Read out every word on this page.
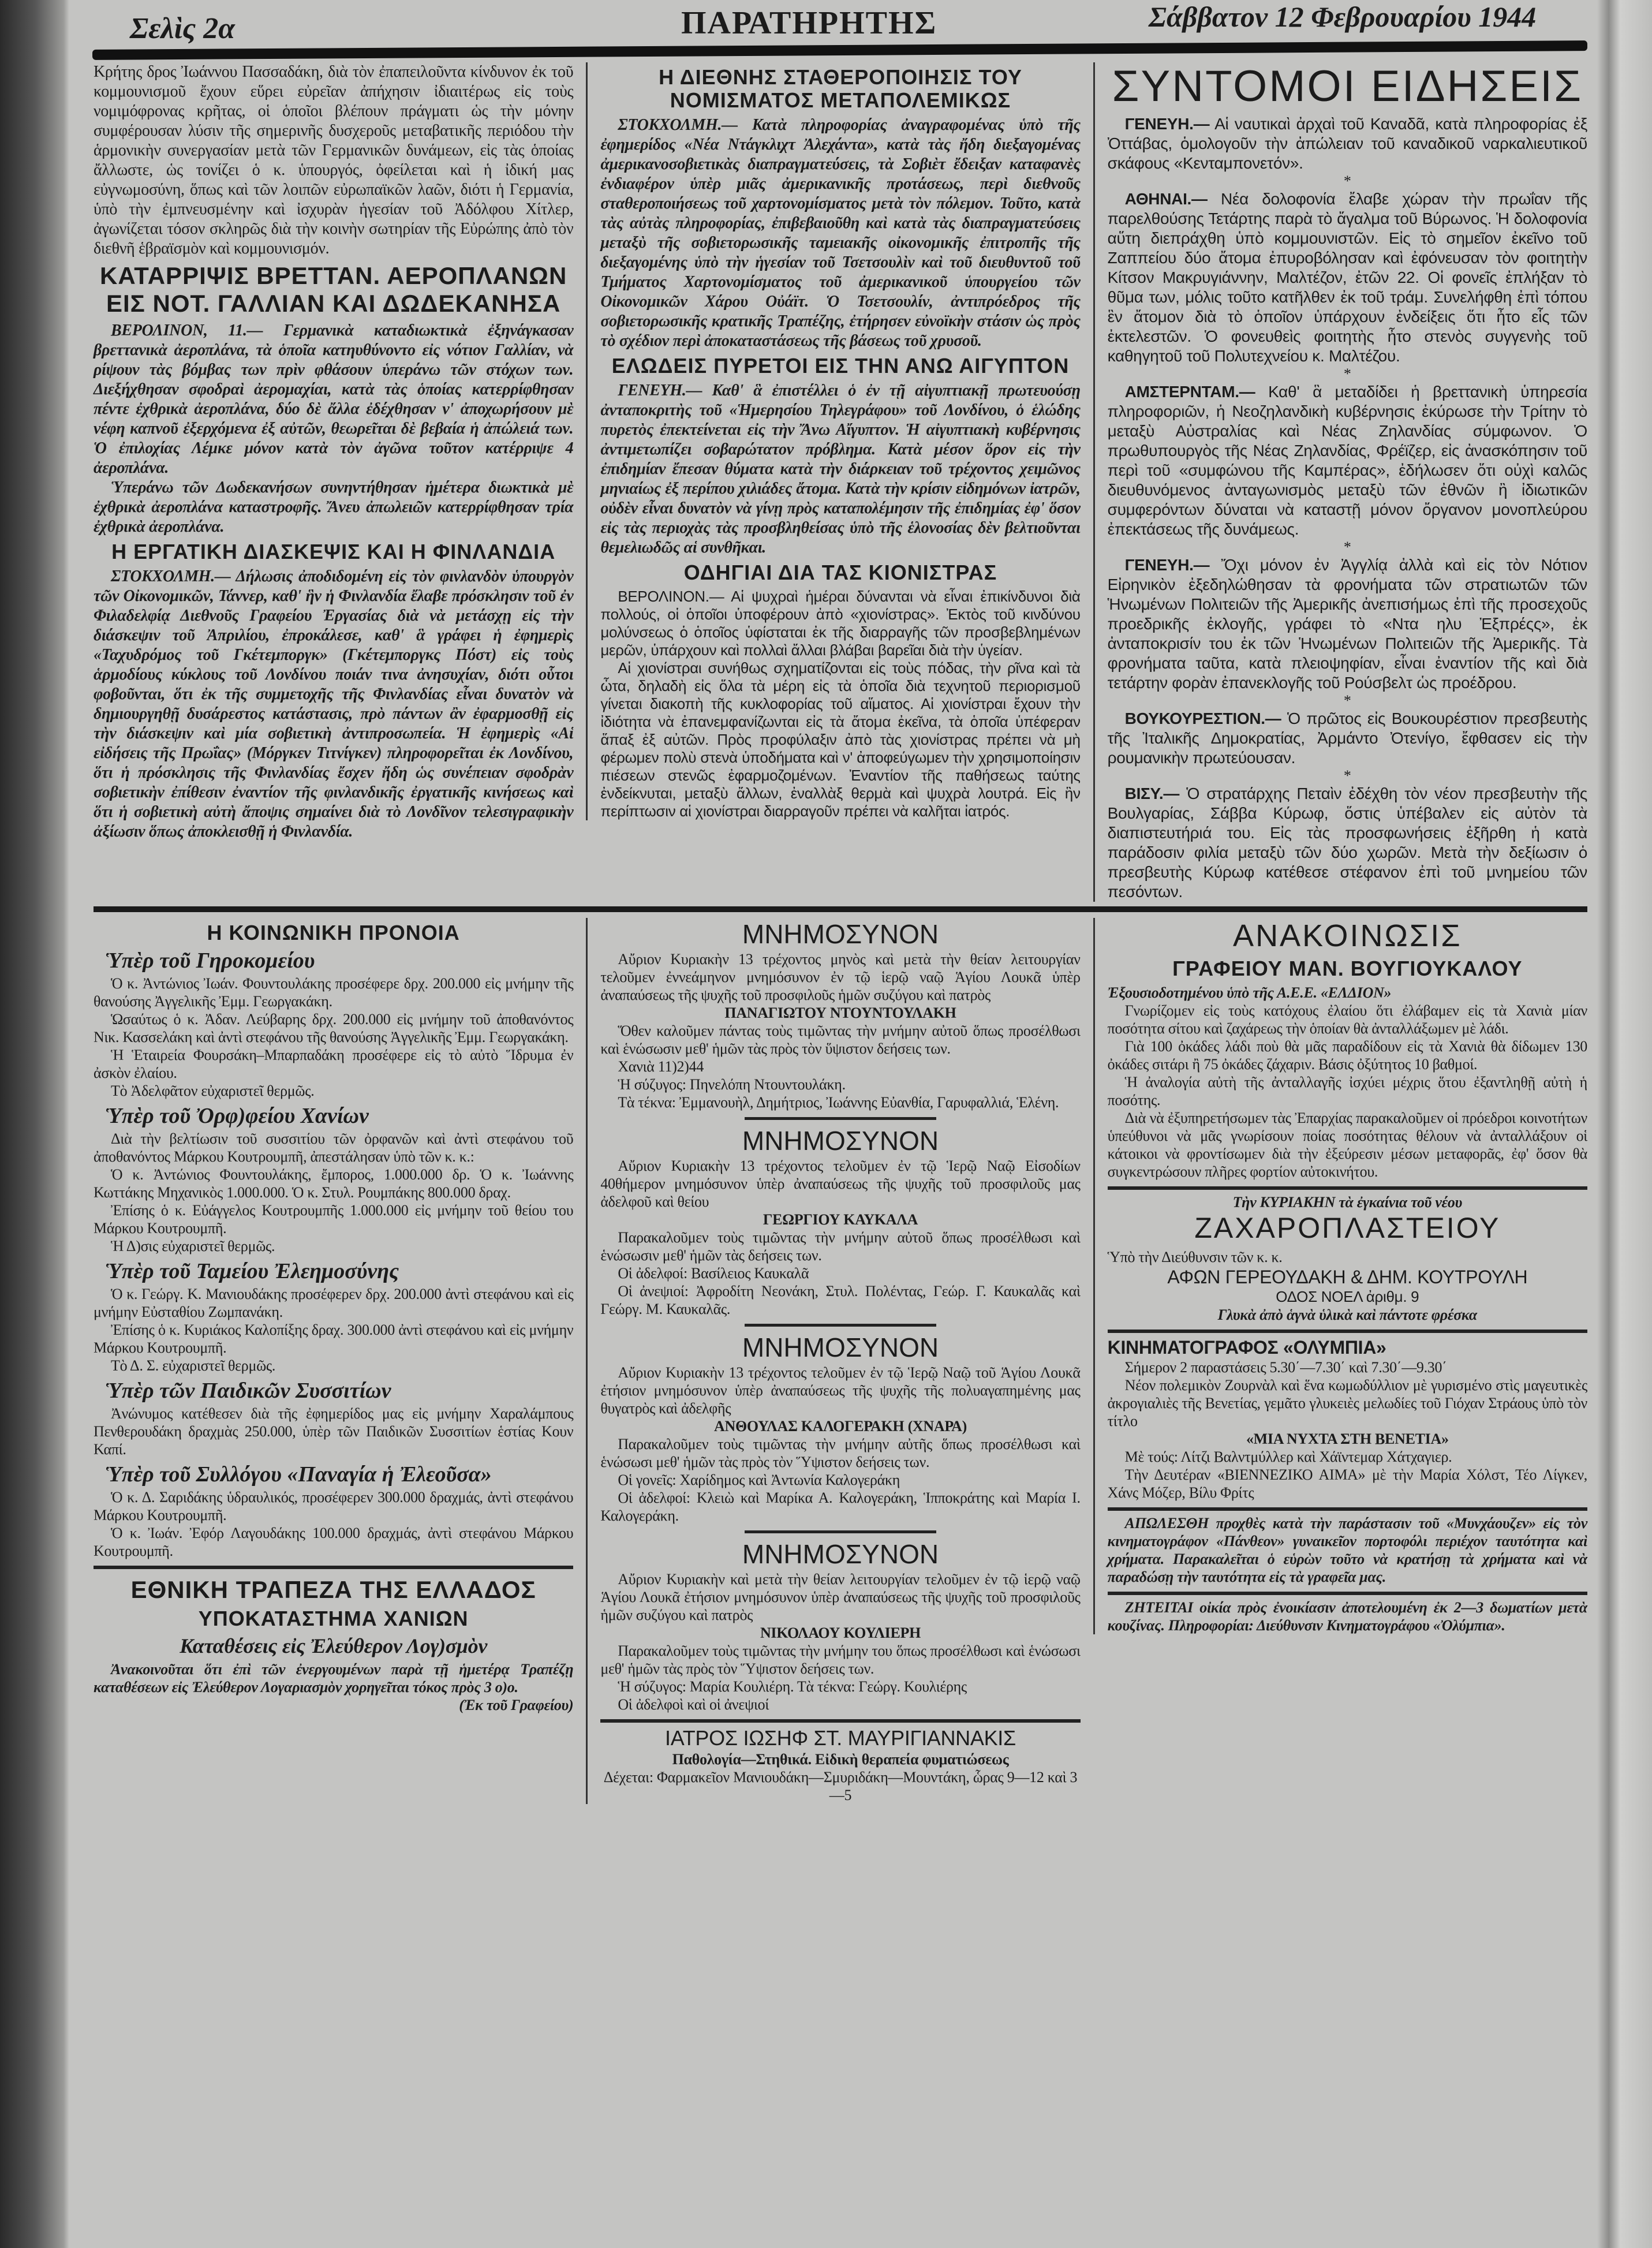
Σελὶς 2α	ΠΑΡΑΤΗΡΗΤΗΣ	Σάββατον 12 Φεβρουαρίου 1944

Κρήτης δρος Ἰωάννου Πασσαδάκη, διὰ τὸν ἐπαπειλοῦντα κίνδυνον ἐκ τοῦ κομμουνισμοῦ ἔχουν εὕρει εὐρεῖαν ἀπήχησιν ἰδιαιτέρως εἰς τοὺς νομιμόφρονας κρῆτας, οἱ ὁποῖοι βλέπουν πράγματι ὡς τὴν μόνην συμφέρουσαν λύσιν τῆς σημερινῆς δυσχεροῦς μεταβατικῆς περιόδου τὴν ἁρμονικὴν συνεργασίαν μετὰ τῶν Γερμανικῶν δυνάμεων, εἰς τὰς ὁποίας ἄλλωστε, ὡς τονίζει ὁ κ. ὑπουργός, ὀφείλεται καὶ ἡ ἰδική μας εὐγνωμοσύνη, ὅπως καὶ τῶν λοιπῶν εὐρωπαϊκῶν λαῶν, διότι ἡ Γερμανία, ὑπὸ τὴν ἐμπνευσμένην καὶ ἰσχυρὰν ἡγεσίαν τοῦ Ἀδόλφου Χίτλερ, ἀγωνίζεται τόσον σκληρῶς διὰ τὴν κοινὴν σωτηρίαν τῆς Εὐρώπης ἀπὸ τὸν διεθνῆ ἑβραϊσμὸν καὶ κομμουνισμόν.

ΚΑΤΑΡΡΙΨΙΣ ΒΡΕΤΤΑΝ. ΑΕΡΟΠΛΑΝΩΝ ΕΙΣ ΝΟΤ. ΓΑΛΛΙΑΝ ΚΑΙ ΔΩΔΕΚΑΝΗΣΑ

ΒΕΡΟΛΙΝΟΝ, 11.— Γερμανικὰ καταδιωκτικὰ ἐξηνάγκασαν βρεττανικὰ ἀεροπλάνα, τὰ ὁποῖα κατηυθύνοντο εἰς νότιον Γαλλίαν, νὰ ρίψουν τὰς βόμβας των πρὶν φθάσουν ὑπεράνω τῶν στόχων των. Διεξήχθησαν σφοδραὶ ἀερομαχίαι, κατὰ τὰς ὁποίας κατερρίφθησαν πέντε ἐχθρικὰ ἀεροπλάνα, δύο δὲ ἄλλα ἐδέχθησαν ν' ἀποχωρήσουν μὲ νέφη καπνοῦ ἐξερχόμενα ἐξ αὐτῶν, θεωρεῖται δὲ βεβαία ἡ ἀπώλειά των. Ὁ ἐπιλοχίας Λέμκε μόνον κατὰ τὸν ἀγῶνα τοῦτον κατέρριψε 4 ἀεροπλάνα.

Ὑπεράνω τῶν Δωδεκανήσων συνηντήθησαν ἡμέτερα διωκτικὰ μὲ ἐχθρικὰ ἀεροπλάνα καταστροφῆς. Ἄνευ ἀπωλειῶν κατερρίφθησαν τρία ἐχθρικὰ ἀεροπλάνα.

Η ΕΡΓΑΤΙΚΗ ΔΙΑΣΚΕΨΙΣ ΚΑΙ Η ΦΙΝΛΑΝΔΙΑ

ΣΤΟΚΧΟΛΜΗ.— Δήλωσις ἀποδιδομένη εἰς τὸν φινλανδὸν ὑπουργὸν τῶν Οἰκονομικῶν, Τάννερ, καθ' ἣν ἡ Φινλανδία ἔλαβε πρόσκλησιν τοῦ ἐν Φιλαδελφίᾳ Διεθνοῦς Γραφείου Ἐργασίας διὰ νὰ μετάσχῃ εἰς τὴν διάσκεψιν τοῦ Ἀπριλίου, ἐπροκάλεσε, καθ' ἃ γράφει ἡ ἐφημερὶς «Ταχυδρόμος τοῦ Γκέτεμποργκ» (Γκέτεμποργκς Πόστ) εἰς τοὺς ἁρμοδίους κύκλους τοῦ Λονδίνου ποιάν τινα ἀνησυχίαν, διότι οὗτοι φοβοῦνται, ὅτι ἐκ τῆς συμμετοχῆς τῆς Φινλανδίας εἶναι δυνατὸν νὰ δημιουργηθῇ δυσάρεστος κατάστασις, πρὸ πάντων ἂν ἐφαρμοσθῇ εἰς τὴν διάσκεψιν καὶ μία σοβιετικὴ ἀντιπροσωπεία. Ἡ ἐφημερὶς «Αἱ εἰδήσεις τῆς Πρωΐας» (Μόργκεν Τιτνίγκεν) πληροφορεῖται ἐκ Λονδίνου, ὅτι ἡ πρόσκλησις τῆς Φινλανδίας ἔσχεν ἤδη ὡς συνέπειαν σφοδρὰν σοβιετικὴν ἐπίθεσιν ἐναντίον τῆς φινλανδικῆς ἐργατικῆς κινήσεως καὶ ὅτι ἡ σοβιετικὴ αὐτὴ ἄποψις σημαίνει διὰ τὸ Λονδῖνον τελεσιγραφικὴν ἀξίωσιν ὅπως ἀποκλεισθῇ ἡ Φινλανδία.

Η ΔΙΕΘΝΗΣ ΣΤΑΘΕΡΟΠΟΙΗΣΙΣ ΤΟΥ ΝΟΜΙΣΜΑΤΟΣ ΜΕΤΑΠΟΛΕΜΙΚΩΣ

ΣΤΟΚΧΟΛΜΗ.— Κατὰ πληροφορίας ἀναγραφομένας ὑπὸ τῆς ἐφημερίδος «Νέα Ντάγκλιχτ Ἀλεχάντα», κατὰ τὰς ἤδη διεξαγομένας ἀμερικανοσοβιετικὰς διαπραγματεύσεις, τὰ Σοβιὲτ ἔδειξαν καταφανὲς ἐνδιαφέρον ὑπὲρ μιᾶς ἀμερικανικῆς προτάσεως, περὶ διεθνοῦς σταθεροποιήσεως τοῦ χαρτονομίσματος μετὰ τὸν πόλεμον. Τοῦτο, κατὰ τὰς αὐτὰς πληροφορίας, ἐπιβεβαιοῦθη καὶ κατὰ τὰς διαπραγματεύσεις μεταξὺ τῆς σοβιετορωσικῆς ταμειακῆς οἰκονομικῆς ἐπιτροπῆς τῆς διεξαγομένης ὑπὸ τὴν ἡγεσίαν τοῦ Τσετσουλὶν καὶ τοῦ διευθυντοῦ τοῦ Τμήματος Χαρτονομίσματος τοῦ ἀμερικανικοῦ ὑπουργείου τῶν Οἰκονομικῶν Χάρου Οὐάϊτ. Ὁ Τσετσουλίν, ἀντιπρόεδρος τῆς σοβιετορωσικῆς κρατικῆς Τραπέζης, ἐτήρησεν εὐνοϊκὴν στάσιν ὡς πρὸς τὸ σχέδιον περὶ ἀποκαταστάσεως τῆς βάσεως τοῦ χρυσοῦ.

ΕΛΩΔΕΙΣ ΠΥΡΕΤΟΙ ΕΙΣ ΤΗΝ ΑΝΩ ΑΙΓΥΠΤΟΝ

ΓΕΝΕΥΗ.— Καθ' ἃ ἐπιστέλλει ὁ ἐν τῇ αἰγυπτιακῇ πρωτευούσῃ ἀνταποκριτὴς τοῦ «Ἡμερησίου Τηλεγράφου» τοῦ Λονδίνου, ὁ ἑλώδης πυρετὸς ἐπεκτείνεται εἰς τὴν Ἄνω Αἴγυπτον. Ἡ αἰγυπτιακὴ κυβέρνησις ἀντιμετωπίζει σοβαρώτατον πρόβλημα. Κατὰ μέσον ὅρον εἰς τὴν ἐπιδημίαν ἔπεσαν θύματα κατὰ τὴν διάρκειαν τοῦ τρέχοντος χειμῶνος μηνιαίως ἐξ περίπου χιλιάδες ἄτομα. Κατὰ τὴν κρίσιν εἰδημόνων ἰατρῶν, οὐδὲν εἶναι δυνατὸν νὰ γίνῃ πρὸς καταπολέμησιν τῆς ἐπιδημίας ἐφ' ὅσον εἰς τὰς περιοχὰς τὰς προσβληθείσας ὑπὸ τῆς ἑλονοσίας δὲν βελτιοῦνται θεμελιωδῶς αἱ συνθῆκαι.

ΟΔΗΓΙΑΙ ΔΙΑ ΤΑΣ ΚΙΟΝΙΣΤΡΑΣ

ΒΕΡΟΛΙΝΟΝ.— Αἱ ψυχραὶ ἡμέραι δύνανται νὰ εἶναι ἐπικίνδυνοι διὰ πολλούς, οἱ ὁποῖοι ὑποφέρουν ἀπὸ «χιονίστρας». Ἐκτὸς τοῦ κινδύνου μολύνσεως ὁ ὁποῖος ὑφίσταται ἐκ τῆς διαρραγῆς τῶν προσβεβλημένων μερῶν, ὑπάρχουν καὶ πολλαὶ ἄλλαι βλάβαι βαρεῖαι διὰ τὴν ὑγείαν.

Αἱ χιονίστραι συνήθως σχηματίζονται εἰς τοὺς πόδας, τὴν ρῖνα καὶ τὰ ὦτα, δηλαδὴ εἰς ὅλα τὰ μέρη εἰς τὰ ὁποῖα διὰ τεχνητοῦ περιορισμοῦ γίνεται διακοπὴ τῆς κυκλοφορίας τοῦ αἵματος. Αἱ χιονίστραι ἔχουν τὴν ἰδιότητα νὰ ἐπανεμφανίζωνται εἰς τὰ ἄτομα ἐκεῖνα, τὰ ὁποῖα ὑπέφεραν ἅπαξ ἐξ αὐτῶν. Πρὸς προφύλαξιν ἀπὸ τὰς χιονίστρας πρέπει νὰ μὴ φέρωμεν πολὺ στενὰ ὑποδήματα καὶ ν' ἀποφεύγωμεν τὴν χρησιμοποίησιν πιέσεων στενῶς ἐφαρμοζομένων. Ἐναντίον τῆς παθήσεως ταύτης ἐνδείκνυται, μεταξὺ ἄλλων, ἐναλλὰξ θερμὰ καὶ ψυχρὰ λουτρά. Εἰς ἣν περίπτωσιν αἱ χιονίστραι διαρραγοῦν πρέπει νὰ καλῆται ἰατρός.

ΣΥΝΤΟΜΟΙ ΕΙΔΗΣΕΙΣ

ΓΕΝΕΥΗ.— Αἱ ναυτικαὶ ἀρχαὶ τοῦ Καναδᾶ, κατὰ πληροφορίας ἐξ Ὀττάβας, ὁμολογοῦν τὴν ἀπώλειαν τοῦ καναδικοῦ ναρκαλιευτικοῦ σκάφους «Κενταμπονετόν».

*

ΑΘΗΝΑΙ.— Νέα δολοφονία ἔλαβε χώραν τὴν πρωΐαν τῆς παρελθούσης Τετάρτης παρὰ τὸ ἄγαλμα τοῦ Βύρωνος. Ἡ δολοφονία αὕτη διεπράχθη ὑπὸ κομμουνιστῶν. Εἰς τὸ σημεῖον ἐκεῖνο τοῦ Ζαππείου δύο ἄτομα ἐπυροβόλησαν καὶ ἐφόνευσαν τὸν φοιτητὴν Κίτσον Μακρυγιάννην, Μαλτέζον, ἐτῶν 22. Οἱ φονεῖς ἐπλήξαν τὸ θῦμα των, μόλις τοῦτο κατῆλθεν ἐκ τοῦ τράμ. Συνελήφθη ἐπὶ τόπου ἓν ἄτομον διὰ τὸ ὁποῖον ὑπάρχουν ἐνδείξεις ὅτι ἦτο εἷς τῶν ἐκτελεστῶν. Ὁ φονευθεὶς φοιτητὴς ἦτο στενὸς συγγενὴς τοῦ καθηγητοῦ τοῦ Πολυτεχνείου κ. Μαλτέζου.

*

ΑΜΣΤΕΡΝΤΑΜ.— Καθ' ἃ μεταδίδει ἡ βρεττανικὴ ὑπηρεσία πληροφοριῶν, ἡ Νεοζηλανδικὴ κυβέρνησις ἐκύρωσε τὴν Τρίτην τὸ μεταξὺ Αὐστραλίας καὶ Νέας Ζηλανδίας σύμφωνον. Ὁ πρωθυπουργὸς τῆς Νέας Ζηλανδίας, Φρέϊζερ, εἰς ἀνασκόπησιν τοῦ περὶ τοῦ «συμφώνου τῆς Καμπέρας», ἐδήλωσεν ὅτι οὐχὶ καλῶς διευθυνόμενος ἀνταγωνισμὸς μεταξὺ τῶν ἐθνῶν ἢ ἰδιωτικῶν συμφερόντων δύναται νὰ καταστῇ μόνον ὄργανον μονοπλεύρου ἐπεκτάσεως τῆς δυνάμεως.

*

ΓΕΝΕΥΗ.— Ὄχι μόνον ἐν Ἀγγλίᾳ ἀλλὰ καὶ εἰς τὸν Νότιον Εἰρηνικὸν ἐξεδηλώθησαν τὰ φρονήματα τῶν στρατιωτῶν τῶν Ἡνωμένων Πολιτειῶν τῆς Ἀμερικῆς ἀνεπισήμως ἐπὶ τῆς προσεχοῦς προεδρικῆς ἐκλογῆς, γράφει τὸ «Ντα ηλυ Ἐξπρέςς», ἐκ ἀνταποκρισίν του ἐκ τῶν Ἡνωμένων Πολιτειῶν τῆς Ἀμερικῆς. Τὰ φρονήματα ταῦτα, κατὰ πλειοψηφίαν, εἶναι ἐναντίον τῆς καὶ διὰ τετάρτην φορὰν ἐπανεκλογῆς τοῦ Ρούσβελτ ὡς προέδρου.

*

ΒΟΥΚΟΥΡΕΣΤΙΟΝ.— Ὁ πρῶτος εἰς Βουκουρέστιον πρεσβευτὴς τῆς Ἰταλικῆς Δημοκρατίας, Ἀρμάντο Ὀτενίγο, ἔφθασεν εἰς τὴν ρουμανικὴν πρωτεύουσαν.

*

ΒΙΣΥ.— Ὁ στρατάρχης Πεταὶν ἐδέχθη τὸν νέον πρεσβευτὴν τῆς Βουλγαρίας, Σάββα Κύρωφ, ὅστις ὑπέβαλεν εἰς αὐτὸν τὰ διαπιστευτήριά του. Εἰς τὰς προσφωνήσεις ἐξῆρθη ἡ κατὰ παράδοσιν φιλία μεταξὺ τῶν δύο χωρῶν. Μετὰ τὴν δεξίωσιν ὁ πρεσβευτὴς Κύρωφ κατέθεσε στέφανον ἐπὶ τοῦ μνημείου τῶν πεσόντων.

Η ΚΟΙΝΩΝΙΚΗ ΠΡΟΝΟΙΑ

Ὑπὲρ τοῦ Γηροκομείου

Ὁ κ. Ἀντώνιος Ἰωάν. Φουντουλάκης προσέφερε δρχ. 200.000 εἰς μνήμην τῆς θανούσης Ἀγγελικῆς Ἐμμ. Γεωργακάκη.

Ὡσαύτως ὁ κ. Ἀδαν. Λεύβαρης δρχ. 200.000 εἰς μνήμην τοῦ ἀποθανόντος Νικ. Κασσελάκη καὶ ἀντὶ στεφάνου τῆς θανούσης Ἀγγελικῆς Ἐμμ. Γεωργακάκη.

Ἡ Ἑταιρεία Φουρσάκη–Μπαρπαδάκη προσέφερε εἰς τὸ αὐτὸ Ἵδρυμα ἐν ἀσκὸν ἐλαίου.

Τὸ Ἀδελφᾶτον εὐχαριστεῖ θερμῶς.

Ὑπὲρ τοῦ Ὀρφ)φείου Χανίων

Διὰ τὴν βελτίωσιν τοῦ συσσιτίου τῶν ὀρφανῶν καὶ ἀντὶ στεφάνου τοῦ ἀποθανόντος Μάρκου Κουτρουμπῆ, ἀπεστάλησαν ὑπὸ τῶν κ. κ.:

Ὁ κ. Ἀντώνιος Φουντουλάκης, ἔμπορος, 1.000.000 δρ. Ὁ κ. Ἰωάννης Κωττάκης Μηχανικὸς 1.000.000. Ὁ κ. Στυλ. Ρουμπάκης 800.000 δραχ.

Ἐπίσης ὁ κ. Εὐάγγελος Κουτρουμπῆς 1.000.000 εἰς μνήμην τοῦ θείου του Μάρκου Κουτρουμπῆ.

Ἡ Δ)σις εὐχαριστεῖ θερμῶς.

Ὑπὲρ τοῦ Ταμείου Ἐλεημοσύνης

Ὁ κ. Γεώργ. Κ. Μανιουδάκης προσέφερεν δρχ. 200.000 ἀντὶ στεφάνου καὶ εἰς μνήμην Εὐσταθίου Ζωμπανάκη.

Ἐπίσης ὁ κ. Κυριάκος Καλοπίξης δραχ. 300.000 ἀντὶ στεφάνου καὶ εἰς μνήμην Μάρκου Κουτρουμπῆ.

Τὸ Δ. Σ. εὐχαριστεῖ θερμῶς.

Ὑπὲρ τῶν Παιδικῶν Συσσιτίων

Ἀνώνυμος κατέθεσεν διὰ τῆς ἐφημερίδος μας εἰς μνήμην Χαραλάμπους Πενθερουδάκη δραχμὰς 250.000, ὑπὲρ τῶν Παιδικῶν Συσσιτίων ἑστίας Κουν Καπί.

Ὑπὲρ τοῦ Συλλόγου «Παναγία ἡ Ἐλεοῦσα»

Ὁ κ. Δ. Σαριδάκης ὑδραυλικός, προσέφερεν 300.000 δραχμάς, ἀντὶ στεφάνου Μάρκου Κουτρουμπῆ.

Ὁ κ. Ἰωάν. Ἐφόρ Λαγουδάκης 100.000 δραχμάς, ἀντὶ στεφάνου Μάρκου Κουτρουμπῆ.

ΕΘΝΙΚΗ ΤΡΑΠΕΖΑ ΤΗΣ ΕΛΛΑΔΟΣ

ΥΠΟΚΑΤΑΣΤΗΜΑ ΧΑΝΙΩΝ

Καταθέσεις εἰς Ἐλεύθερον Λογ)σμὸν

Ἀνακοινοῦται ὅτι ἐπὶ τῶν ἐνεργουμένων παρὰ τῇ ἡμετέρᾳ Τραπέζῃ καταθέσεων εἰς Ἐλεύθερον Λογαριασμὸν χορηγεῖται τόκος πρὸς 3 ο)ο.

(Ἐκ τοῦ Γραφείου)

ΜΝΗΜΟΣΥΝΟΝ

Αὔριον Κυριακὴν 13 τρέχοντος μηνὸς καὶ μετὰ τὴν θείαν λειτουργίαν τελοῦμεν ἐννεάμηνον μνημόσυνον ἐν τῷ ἱερῷ ναῷ Ἁγίου Λουκᾶ ὑπὲρ ἀναπαύσεως τῆς ψυχῆς τοῦ προσφιλοῦς ἡμῶν συζύγου καὶ πατρὸς

ΠΑΝΑΓΙΩΤΟΥ ΝΤΟΥΝΤΟΥΛΑΚΗ

Ὅθεν καλοῦμεν πάντας τοὺς τιμῶντας τὴν μνήμην αὐτοῦ ὅπως προσέλθωσι καὶ ἑνώσωσιν μεθ' ἡμῶν τὰς πρὸς τὸν ὕψιστον δεήσεις των.

Χανιὰ 11)2)44

Ἡ σύζυγος: Πηνελόπη Ντουντουλάκη.

Τὰ τέκνα: Ἐμμανουὴλ, Δημήτριος, Ἰωάννης Εὐανθία, Γαρυφαλλιά, Ἑλένη.

ΜΝΗΜΟΣΥΝΟΝ

Αὔριον Κυριακὴν 13 τρέχοντος τελοῦμεν ἐν τῷ Ἱερῷ Ναῷ Εἰσοδίων 40θήμερον μνημόσυνον ὑπὲρ ἀναπαύσεως τῆς ψυχῆς τοῦ προσφιλοῦς μας ἀδελφοῦ καὶ θείου

ΓΕΩΡΓΙΟΥ ΚΑΥΚΑΛΑ

Παρακαλοῦμεν τοὺς τιμῶντας τὴν μνήμην αὐτοῦ ὅπως προσέλθωσι καὶ ἑνώσωσιν μεθ' ἡμῶν τὰς δεήσεις των.

Οἱ ἀδελφοί: Βασίλειος Καυκαλᾶ

Οἱ ἀνεψιοί: Ἀφροδίτη Νεονάκη, Στυλ. Πολέντας, Γεώρ. Γ. Καυκαλᾶς καὶ Γεώργ. Μ. Καυκαλᾶς.

ΜΝΗΜΟΣΥΝΟΝ

Αὔριον Κυριακὴν 13 τρέχοντος τελοῦμεν ἐν τῷ Ἱερῷ Ναῷ τοῦ Ἁγίου Λουκᾶ ἐτήσιον μνημόσυνον ὑπὲρ ἀναπαύσεως τῆς ψυχῆς τῆς πολυαγαπημένης μας θυγατρὸς καὶ ἀδελφῆς

ΑΝΘΟΥΛΑΣ ΚΑΛΟΓΕΡΑΚΗ (ΧΝΑΡΑ)

Παρακαλοῦμεν τοὺς τιμῶντας τὴν μνήμην αὐτῆς ὅπως προσέλθωσι καὶ ἑνώσωσι μεθ' ἡμῶν τὰς πρὸς τὸν Ὕψιστον δεήσεις των.

Οἱ γονεῖς: Χαρίδημος καὶ Ἀντωνία Καλογεράκη

Οἱ ἀδελφοί: Κλειὼ καὶ Μαρίκα Α. Καλογεράκη, Ἱπποκράτης καὶ Μαρία Ι. Καλογεράκη.

ΜΝΗΜΟΣΥΝΟΝ

Αὔριον Κυριακὴν καὶ μετὰ τὴν θείαν λειτουργίαν τελοῦμεν ἐν τῷ ἱερῷ ναῷ Ἁγίου Λουκᾶ ἐτήσιον μνημόσυνον ὑπὲρ ἀναπαύσεως τῆς ψυχῆς τοῦ προσφιλοῦς ἡμῶν συζύγου καὶ πατρὸς

ΝΙΚΟΛΑΟΥ ΚΟΥΛΙΕΡΗ

Παρακαλοῦμεν τοὺς τιμῶντας τὴν μνήμην του ὅπως προσέλθωσι καὶ ἑνώσωσι μεθ' ἡμῶν τὰς πρὸς τὸν Ὕψιστον δεήσεις των.

Ἡ σύζυγος: Μαρία Κουλιέρη. Τὰ τέκνα: Γεώργ. Κουλιέρης

Οἱ ἀδελφοὶ καὶ οἱ ἀνεψιοί

ΙΑΤΡΟΣ ΙΩΣΗΦ ΣΤ. ΜΑΥΡΙΓΙΑΝΝΑΚΙΣ

Παθολογία—Στηθικά. Εἰδικὴ θεραπεία φυματιώσεως

Δέχεται: Φαρμακεῖον Μανιουδάκη—Σμυριδάκη—Μουντάκη, ὧρας 9—12 καὶ 3—5

ΑΝΑΚΟΙΝΩΣΙΣ

ΓΡΑΦΕΙΟΥ ΜΑΝ. ΒΟΥΓΙΟΥΚΑΛΟΥ

Ἐξουσιοδοτημένου ὑπὸ τῆς Α.Ε.Ε. «ΕΛΔΙΟΝ»

Γνωρίζομεν εἰς τοὺς κατόχους ἐλαίου ὅτι ἐλάβαμεν εἰς τὰ Χανιὰ μίαν ποσότητα σίτου καὶ ζαχάρεως τὴν ὁποίαν θὰ ἀνταλλάξωμεν μὲ λάδι.

Γιὰ 100 ὀκάδες λάδι ποὺ θὰ μᾶς παραδίδουν εἰς τὰ Χανιὰ θὰ δίδωμεν 130 ὀκάδες σιτάρι ἢ 75 ὀκάδες ζάχαριν. Βάσις ὀξύτητος 10 βαθμοί.

Ἡ ἀναλογία αὐτὴ τῆς ἀνταλλαγῆς ἰσχύει μέχρις ὅτου ἐξαντληθῇ αὐτὴ ἡ ποσότης.

Διὰ νὰ ἐξυπηρετήσωμεν τὰς Ἐπαρχίας παρακαλοῦμεν οἱ πρόεδροι κοινοτήτων ὑπεύθυνοι νὰ μᾶς γνωρίσουν ποίας ποσότητας θέλουν νὰ ἀνταλλάξουν οἱ κάτοικοι νὰ φροντίσωμεν διὰ τὴν ἐξεύρεσιν μέσων μεταφορᾶς, ἐφ' ὅσον θὰ συγκεντρώσουν πλῆρες φορτίον αὐτοκινήτου.

Τὴν ΚΥΡΙΑΚΗΝ τὰ ἐγκαίνια τοῦ νέου

ΖΑΧΑΡΟΠΛΑΣΤΕΙΟΥ

Ὑπὸ τὴν Διεύθυνσιν τῶν κ. κ.

ΑΦΩΝ ΓΕΡΕΟΥΔΑΚΗ & ΔΗΜ. ΚΟΥΤΡΟΥΛΗ

ΟΔΟΣ ΝΟΕΛ ἀριθμ. 9

Γλυκὰ ἀπὸ ἁγνὰ ὑλικὰ καὶ πάντοτε φρέσκα

ΚΙΝΗΜΑΤΟΓΡΑΦΟΣ «ΟΛΥΜΠΙΑ»

Σήμερον 2 παραστάσεις 5.30΄—7.30΄ καὶ 7.30΄—9.30΄

Νέον πολεμικὸν Ζουρνὰλ καὶ ἕνα κωμωδύλλιον μὲ γυρισμένο στὶς μαγευτικὲς ἀκρογιαλιὲς τῆς Βενετίας, γεμᾶτο γλυκειὲς μελωδίες τοῦ Γιόχαν Στράους ὑπὸ τὸν τίτλο

«ΜΙΑ ΝΥΧΤΑ ΣΤΗ ΒΕΝΕΤΙΑ»

Μὲ τούς: Λίτζι Βαλντμύλλερ καὶ Χάϊντεμαρ Χάτχαγιερ.

Τὴν Δευτέραν «ΒΙΕΝΝΕΖΙΚΟ ΑΙΜΑ» μὲ τὴν Μαρία Χόλστ, Τέο Λίγκεν, Χάνς Μόζερ, Βίλυ Φρίτς

ΑΠΩΛΕΣΘΗ προχθὲς κατὰ τὴν παράστασιν τοῦ «Μυνχάουζεν» εἰς τὸν κινηματογράφον «Πάνθεον» γυναικεῖον πορτοφόλι περιέχον ταυτότητα καὶ χρήματα. Παρακαλεῖται ὁ εὑρὼν τοῦτο νὰ κρατήσῃ τὰ χρήματα καὶ νὰ παραδώσῃ τὴν ταυτότητα εἰς τὰ γραφεῖα μας.

ΖΗΤΕΙΤΑΙ οἰκία πρὸς ἐνοικίασιν ἀποτελουμένη ἐκ 2—3 δωματίων μετὰ κουζίνας. Πληροφορίαι: Διεύθυνσιν Κινηματογράφου «Ὀλύμπια».
